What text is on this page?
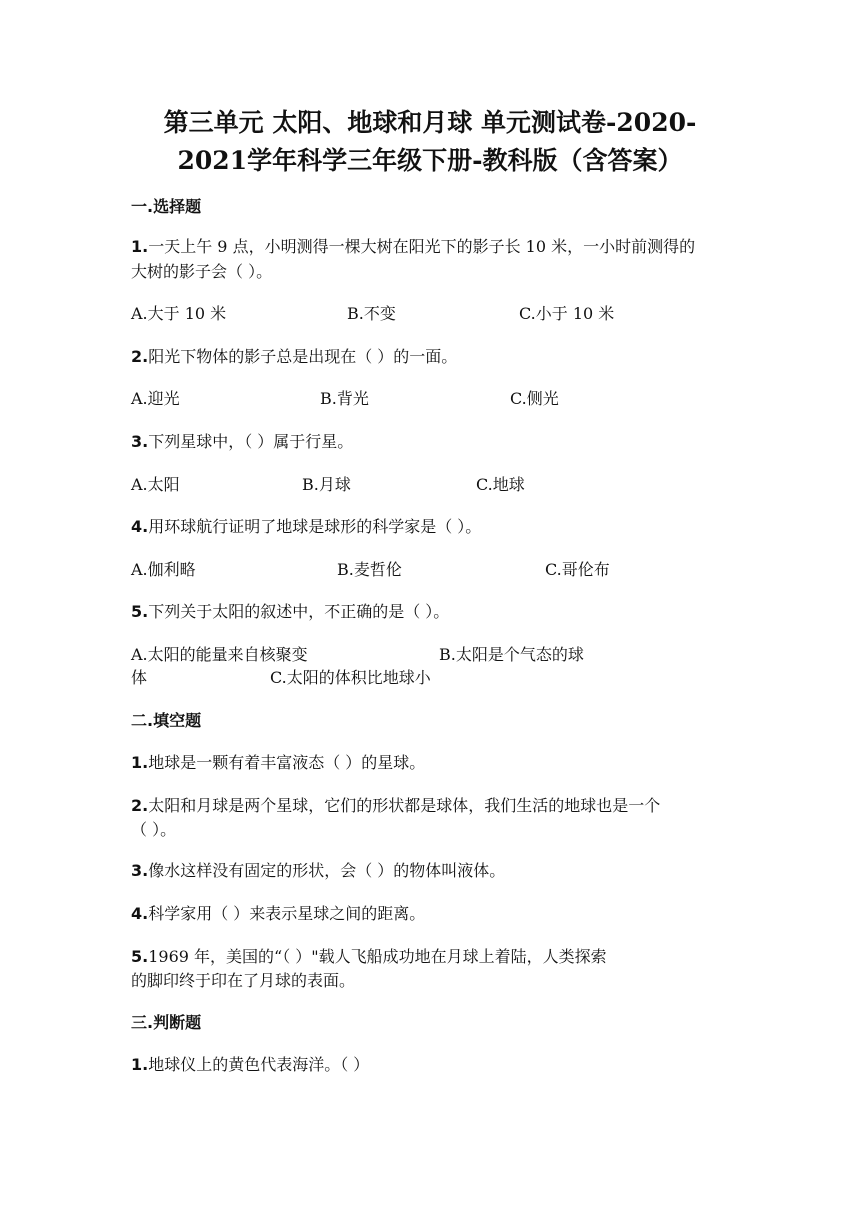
第三单元 太阳、地球和月球 单元测试卷-2020-
2021学年科学三年级下册-教科版（含答案）
一.选择题
1.一天上午 9 点，小明测得一棵大树在阳光下的影子长 10 米，一小时前测得的
大树的影子会（ ）。
A.大于 10 米	B.不变	C.小于 10 米
2.阳光下物体的影子总是出现在（ ）的一面。
A.迎光	B.背光	C.侧光
3.下列星球中，（ ）属于行星。
A.太阳	B.月球	C.地球
4.用环球航行证明了地球是球形的科学家是（ ）。
A.伽利略	B.麦哲伦	C.哥伦布
5.下列关于太阳的叙述中，不正确的是（ ）。
A.太阳的能量来自核聚变	B.太阳是个气态的球
体	C.太阳的体积比地球小
二.填空题
1.地球是一颗有着丰富液态（ ）的星球。
2.太阳和月球是两个星球，它们的形状都是球体，我们生活的地球也是一个
（ ）。
3.像水这样没有固定的形状，会（ ）的物体叫液体。
4.科学家用（ ）来表示星球之间的距离。
5.1969 年，美国的“（ ）"载人飞船成功地在月球上着陆，人类探索
的脚印终于印在了月球的表面。
三.判断题
1.地球仪上的黄色代表海洋。（ ）
